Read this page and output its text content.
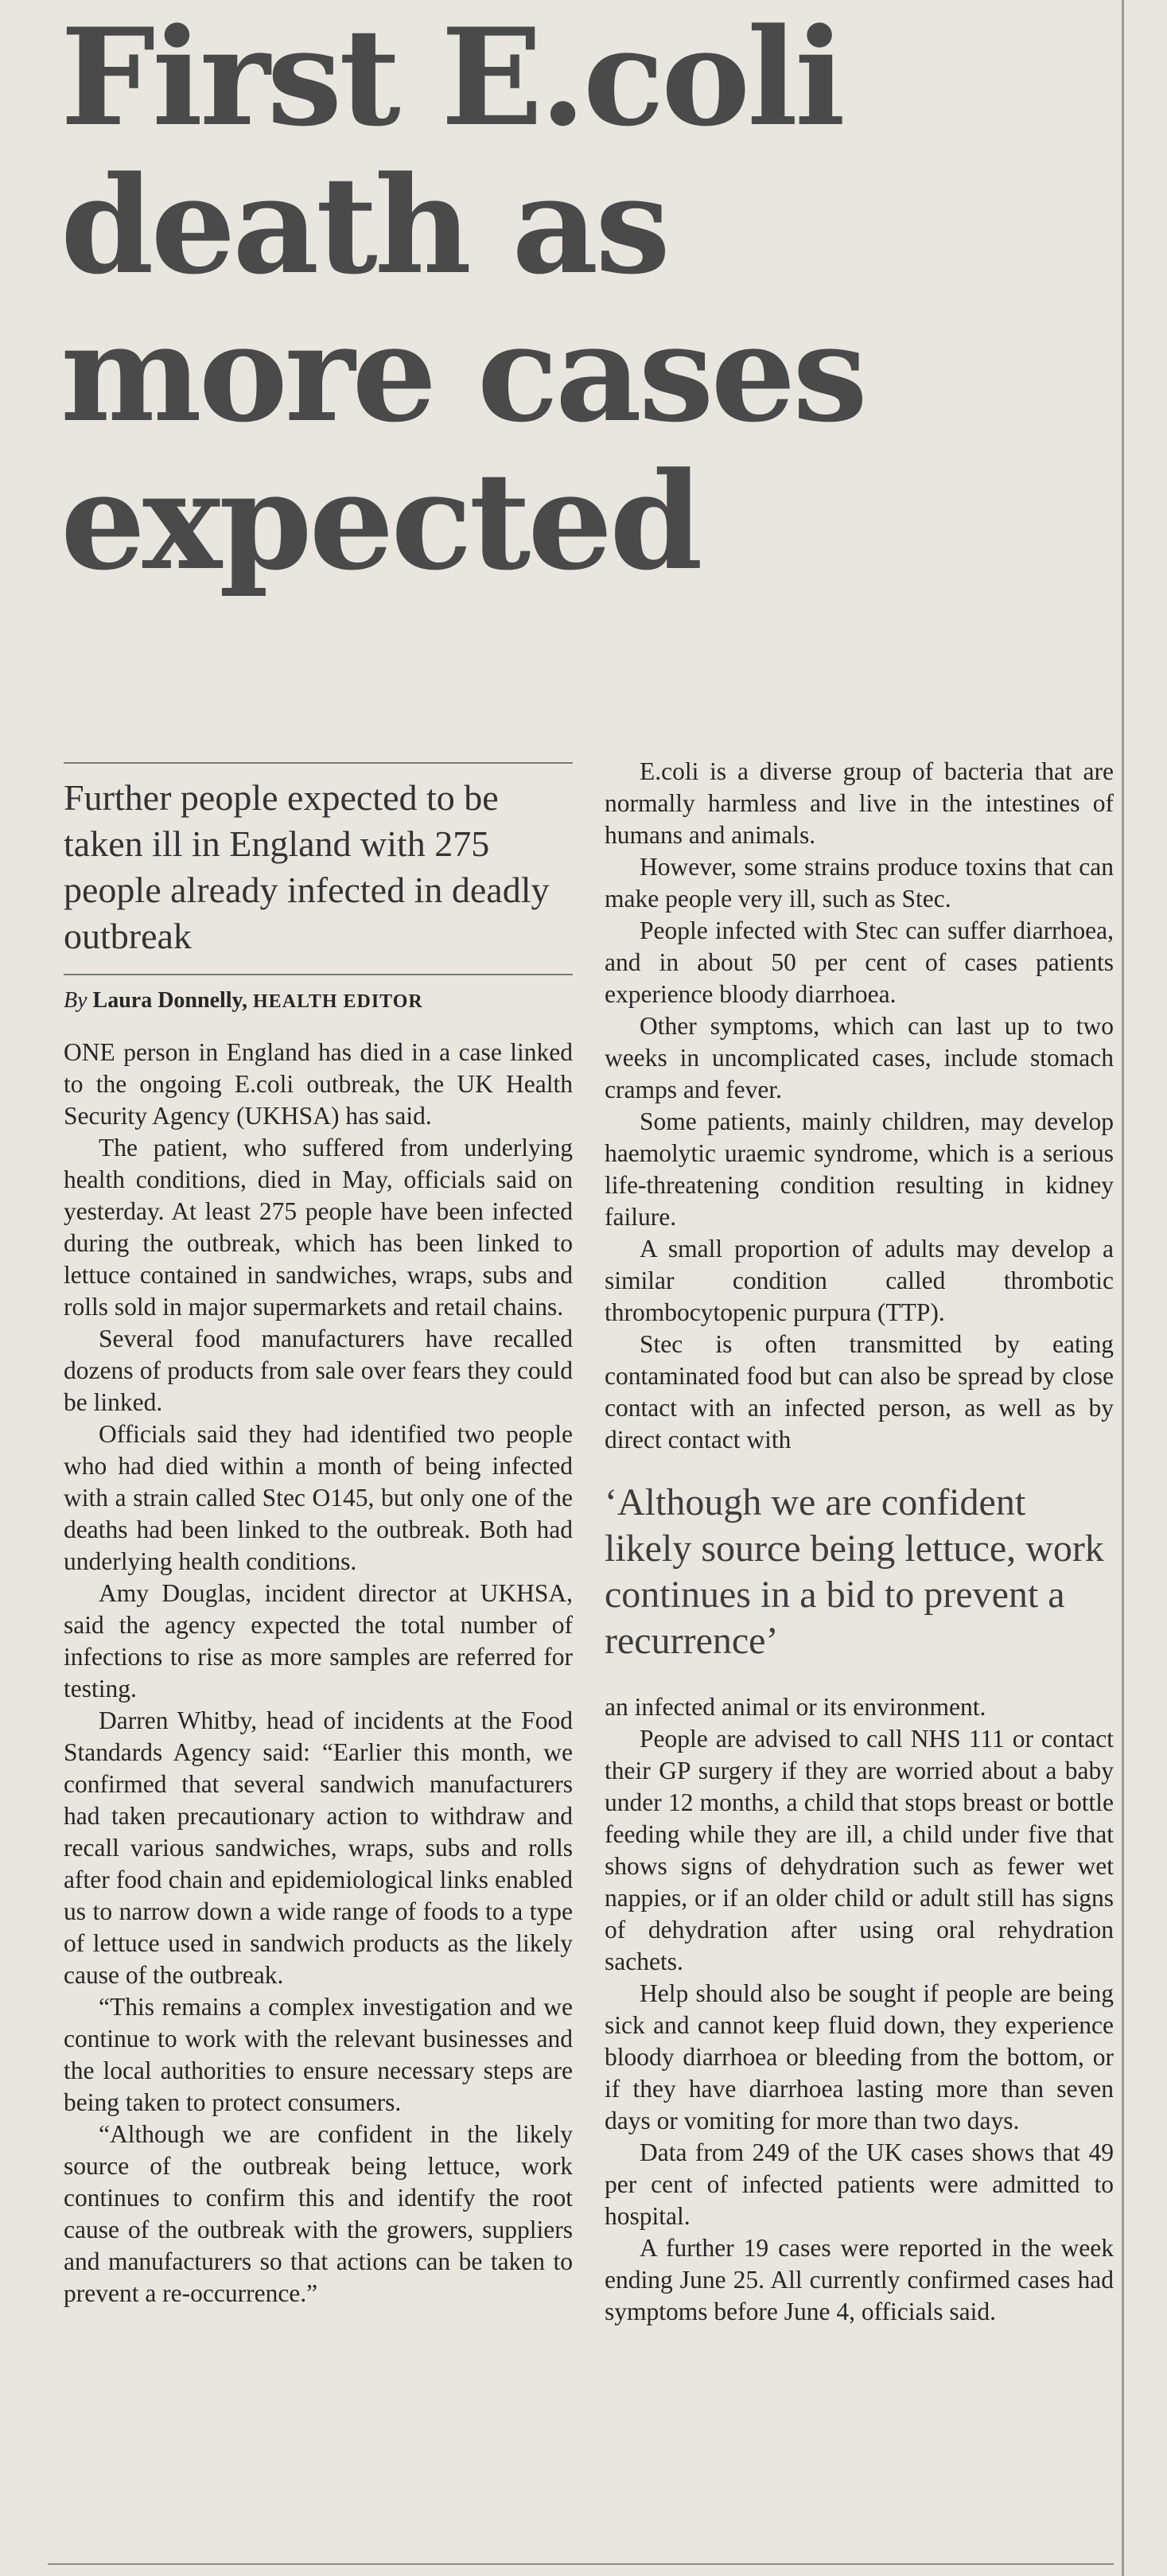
First E.coli death as more cases expected
Further people expected to be taken ill in England with 275 people already infected in deadly outbreak
By Laura Donnelly, HEALTH EDITOR

ONE person in England has died in a case linked to the ongoing E.coli outbreak, the UK Health Security Agency (UKHSA) has said.

The patient, who suffered from underlying health conditions, died in May, officials said on yesterday. At least 275 people have been infected during the outbreak, which has been linked to lettuce contained in sandwiches, wraps, subs and rolls sold in major supermarkets and retail chains.

Several food manufacturers have recalled dozens of products from sale over fears they could be linked.

Officials said they had identified two people who had died within a month of being infected with a strain called Stec O145, but only one of the deaths had been linked to the outbreak. Both had underlying health conditions.

Amy Douglas, incident director at UKHSA, said the agency expected the total number of infections to rise as more samples are referred for testing.

Darren Whitby, head of incidents at the Food Standards Agency said: “Earlier this month, we confirmed that several sandwich manufacturers had taken precautionary action to withdraw and recall various sandwiches, wraps, subs and rolls after food chain and epidemiological links enabled us to narrow down a wide range of foods to a type of lettuce used in sandwich products as the likely cause of the outbreak.

“This remains a complex investigation and we continue to work with the relevant businesses and the local authorities to ensure necessary steps are being taken to protect consumers.

“Although we are confident in the likely source of the outbreak being lettuce, work continues to confirm this and identify the root cause of the outbreak with the growers, suppliers and manufacturers so that actions can be taken to prevent a re-occurrence.”

E.coli is a diverse group of bacteria that are normally harmless and live in the intestines of humans and animals.

However, some strains produce toxins that can make people very ill, such as Stec.

People infected with Stec can suffer diarrhoea, and in about 50 per cent of cases patients experience bloody diarrhoea.

Other symptoms, which can last up to two weeks in uncomplicated cases, include stomach cramps and fever.

Some patients, mainly children, may develop haemolytic uraemic syndrome, which is a serious life-threatening condition resulting in kidney failure.

A small proportion of adults may develop a similar condition called thrombotic thrombocytopenic purpura (TTP).

Stec is often transmitted by eating contaminated food but can also be spread by close contact with an infected person, as well as by direct contact with

‘Although we are confident likely source being lettuce, work continues in a bid to prevent a recurrence’

an infected animal or its environment.

People are advised to call NHS 111 or contact their GP surgery if they are worried about a baby under 12 months, a child that stops breast or bottle feeding while they are ill, a child under five that shows signs of dehydration such as fewer wet nappies, or if an older child or adult still has signs of dehydration after using oral rehydration sachets.

Help should also be sought if people are being sick and cannot keep fluid down, they experience bloody diarrhoea or bleeding from the bottom, or if they have diarrhoea lasting more than seven days or vomiting for more than two days.

Data from 249 of the UK cases shows that 49 per cent of infected patients were admitted to hospital.

A further 19 cases were reported in the week ending June 25. All currently confirmed cases had symptoms before June 4, officials said.
